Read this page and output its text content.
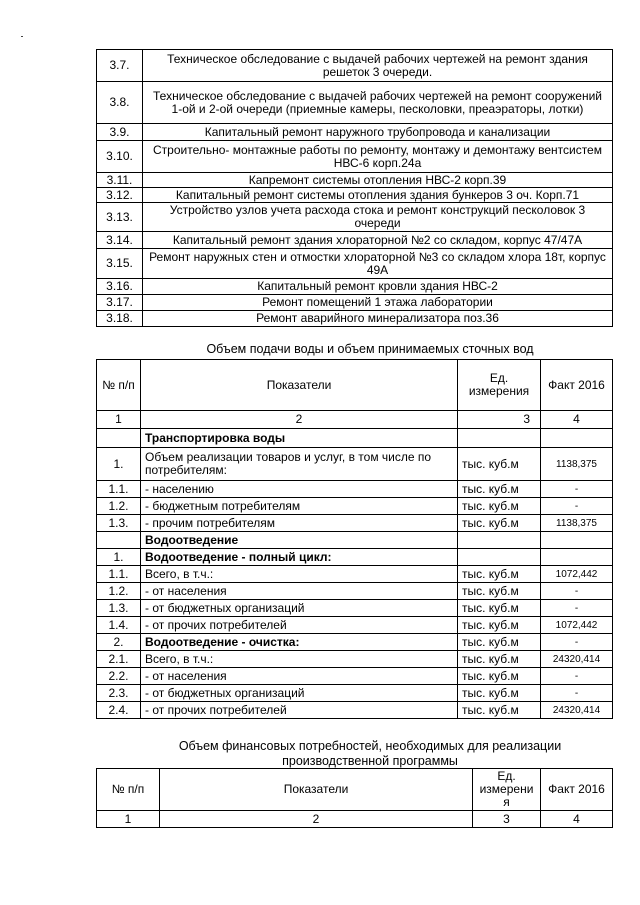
3.7.	Техническое обследование с выдачей рабочих чертежей на ремонт здания решеток 3 очереди.
3.8.	Техническое обследование с выдачей рабочих чертежей на ремонт сооружений 1-ой и 2-ой очереди (приемные камеры, песколовки, преаэраторы, лотки)
3.9.	Капитальный ремонт наружного трубопровода и канализации
3.10.	Строительно- монтажные работы по ремонту, монтажу и демонтажу вентсистем НВС-6 корп.24а
3.11.	Капремонт системы отопления НВС-2 корп.39
3.12.	Капитальный ремонт системы отопления здания бункеров 3 оч. Корп.71
3.13.	Устройство узлов учета расхода стока и ремонт конструкций песколовок 3 очереди
3.14.	Капитальный ремонт здания хлораторной №2 со складом, корпус 47/47А
3.15.	Ремонт наружных стен и отмостки хлораторной №3 со складом хлора 18т, корпус 49А
3.16.	Капитальный ремонт кровли здания НВС-2
3.17.	Ремонт помещений 1 этажа лаборатории
3.18.	Ремонт аварийного минерализатора поз.36
Объем подачи воды и объем принимаемых сточных вод
№ п/п	Показатели	Ед. измерения	Факт 2016
1	2	3	4
	Транспортировка воды		
1.	Объем реализации товаров и услуг, в том числе по потребителям:	тыс. куб.м	1138,375
1.1.	- населению	тыс. куб.м	-
1.2.	- бюджетным потребителям	тыс. куб.м	-
1.3.	- прочим потребителям	тыс. куб.м	1138,375
	Водоотведение		
1.	Водоотведение - полный цикл:		
1.1.	Всего, в т.ч.:	тыс. куб.м	1072,442
1.2.	- от населения	тыс. куб.м	-
1.3.	- от бюджетных организаций	тыс. куб.м	-
1.4.	- от прочих потребителей	тыс. куб.м	1072,442
2.	Водоотведение - очистка:	тыс. куб.м	-
2.1.	Всего, в т.ч.:	тыс. куб.м	24320,414
2.2.	- от населения	тыс. куб.м	-
2.3.	- от бюджетных организаций	тыс. куб.м	-
2.4.	- от прочих потребителей	тыс. куб.м	24320,414
Объем финансовых потребностей, необходимых для реализации
производственной программы
№ п/п	Показатели	Ед. измерени я	Факт 2016
1	2	3	4
